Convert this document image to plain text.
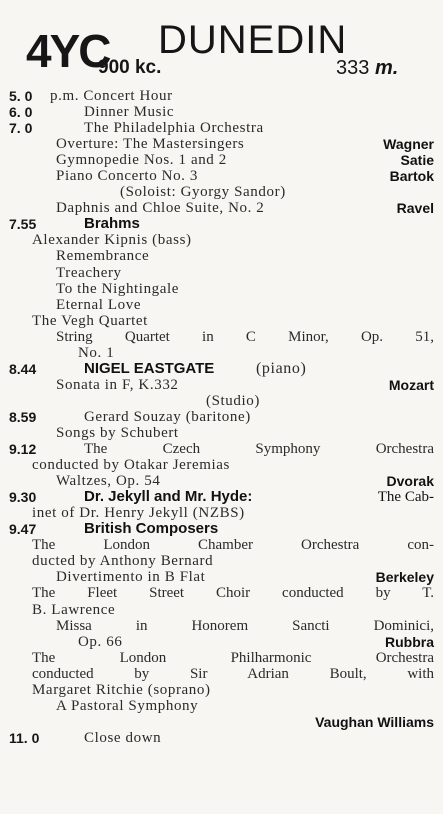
4YC
900 kc.
DUNEDIN
333 m.
5. 0 p.m. Concert Hour
6. 0	Dinner Music
7. 0	The Philadelphia Orchestra
Overture: The Mastersingers	Wagner
Gymnopedie Nos. 1 and 2	Satie
Piano Concerto No. 3	Bartok
(Soloist: Gyorgy Sandor)
Daphnis and Chloe Suite, No. 2	Ravel
7.55	Brahms
Alexander Kipnis (bass)
Remembrance
Treachery
To the Nightingale
Eternal Love
The Vegh Quartet
String Quartet in C Minor, Op. 51,
No. 1
8.44	NIGEL EASTGATE	(piano)
Sonata in F, K.332	Mozart
(Studio)
8.59	Gerard Souzay (baritone)
Songs by Schubert
9.12	The Czech Symphony Orchestra
conducted by Otakar Jeremias
Waltzes, Op. 54	Dvorak
9.30	Dr. Jekyll and Mr. Hyde:	The Cab-
inet of Dr. Henry Jekyll (NZBS)
9.47	British Composers
The London Chamber Orchestra con-
ducted by Anthony Bernard
Divertimento in B Flat	Berkeley
The Fleet Street Choir conducted by T.
B. Lawrence
Missa in Honorem Sancti Dominici,
Op. 66	Rubbra
The London Philharmonic Orchestra
conducted by Sir Adrian Boult, with
Margaret Ritchie (soprano)
A Pastoral Symphony
Vaughan Williams
11. 0	Close down
